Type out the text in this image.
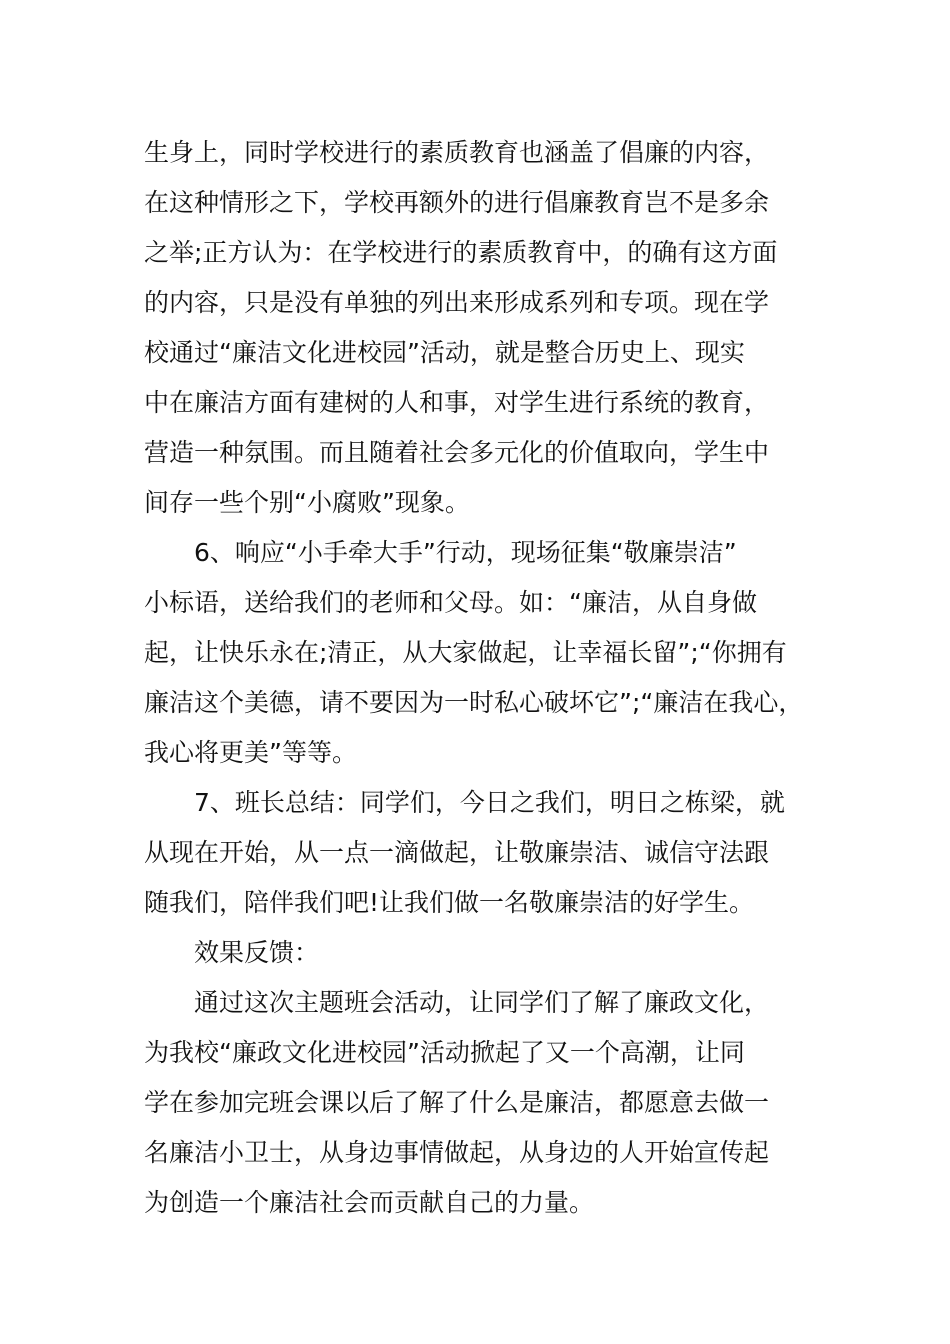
生身上，同时学校进行的素质教育也涵盖了倡廉的内容，
在这种情形之下，学校再额外的进行倡廉教育岂不是多余
之举;正方认为：在学校进行的素质教育中，的确有这方面
的内容，只是没有单独的列出来形成系列和专项。现在学
校通过“廉洁文化进校园”活动，就是整合历史上、现实
中在廉洁方面有建树的人和事，对学生进行系统的教育，
营造一种氛围。而且随着社会多元化的价值取向，学生中
间存一些个别“小腐败”现象。
6、响应“小手牵大手”行动，现场征集“敬廉崇洁”
小标语，送给我们的老师和父母。如：“廉洁，从自身做
起，让快乐永在;清正，从大家做起，让幸福长留”;“你拥有
廉洁这个美德，请不要因为一时私心破坏它”;“廉洁在我心，
我心将更美”等等。
7、班长总结：同学们，今日之我们，明日之栋梁，就
从现在开始，从一点一滴做起，让敬廉崇洁、诚信守法跟
随我们，陪伴我们吧!让我们做一名敬廉崇洁的好学生。
效果反馈：
通过这次主题班会活动，让同学们了解了廉政文化，
为我校“廉政文化进校园”活动掀起了又一个高潮，让同
学在参加完班会课以后了解了什么是廉洁，都愿意去做一
名廉洁小卫士，从身边事情做起，从身边的人开始宣传起
为创造一个廉洁社会而贡献自己的力量。
